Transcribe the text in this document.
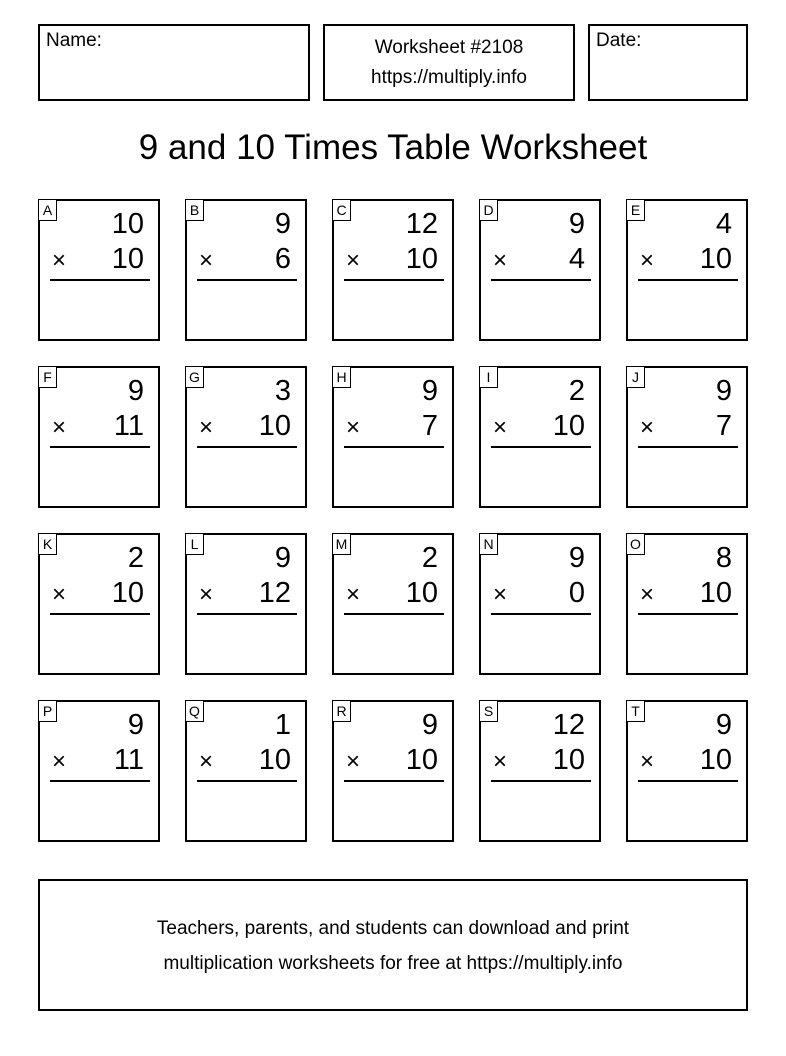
Name:	Worksheet #2108
https://multiply.info
Date:
9 and 10 Times Table Worksheet
A 10
× 10
B	9
× 6
C 12
× 10
D	9
× 4
E	4
× 10
F	9
× 11
G	3
× 10
H	9
× 7
I	2
× 10
J	9
× 7
K	2
× 10
L	9
× 12
M	2
× 10
N	9
× 0
O	8
× 10
P	9
× 11
Q	1
× 10
R	9
× 10
S 12
× 10
T	9
× 10
Teachers, parents, and students can download and print
multiplication worksheets for free at https://multiply.info
